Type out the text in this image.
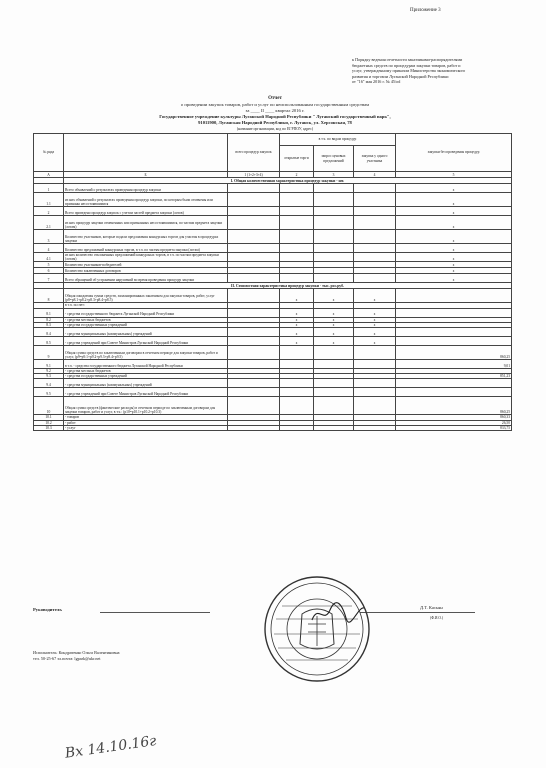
Приложение 3
к Порядку ведения отчетности заказчиками-распорядителями
бюджетных средств по процедурам закупки товаров, работ и
услуг, утвержденному приказом Министерства экономического
развития и торговли Луганской Народной Республики
от "16" мая 2016 г. № 45/od
Отчет
о проведении закупок товаров, работ и услуг по неиспользованным государственным средствам
за ____ II ____ квартал 2016 г.
Государственное учреждение культуры Луганской Народной Республики " Луганский государственный парк",
91011900, Луганская Народной Республики, г. Луганск, ул. Херсонская, 78
(название организации, код по ЕГРПОУ, адрес)
№ ряда		всего процедур закупок	в т.ч. по видам процедур			закупки без проведения процедур
			открытые торги	запрос ценовых предложений	закупка у одного участника	
А	Б	1 (1+2+3+4)	2	3	4	5
	I. Общая количественная характеристика процедур закупки - шт.					
1	Всего объявлений о результатах проведения процедур закупки					x
1.1	из них объявлений о результатах проведения процедур закупки, по которым были отменены или признаны несостоявшимися					x
2	Всего проведено процедур закупок с учетом частей предмета закупки (лотов)					x
2.1	из них процедур закупки отмененных или признанных несостоявшимися, по частям предмета закупки (лотам)					x
3	Количество участников, которые подали предложения конкурсных торгов для участия в процедурах закупки					x
4	Количество предложений конкурсных торгов, в т.ч. по частям предмета закупки (лотам)					x
4.1	из них количество отклоненных предложений конкурсных торгов, в т.ч. по частям предмета закупки (лотам)					x
5	Количество участников-победителей					x
6	Количество заключенных договоров					x
7	Всего обращений об устранении нарушений во время проведения процедур закупки					x
	II. Стоимостная характеристика процедур закупки - тыс. рос.руб.					
8	Общая ожидаемая сумма средств, запланированных заказчиком для закупки товаров, работ, услуг (р8=р8.1+р8.2+р8.3+р8.4+р8.5)		x	x	x	
	в т.ч. за счет:					
8.1	- средства государственного бюджета Луганской Народной Республики		x	x	x	
8.2	- средства местных бюджетов		x	x	x	
8.3	- средства государственных учреждений		x	x	x	
8.4	- средства муниципальных (коммунальных) учреждений		x	x	x	
8.5	- средства учреждений при Совете Министров Луганской Народной Республики		x	x	x	
9	Общая сумма средств по заключенным договорам в отчетном периоде для закупки товаров, работ и услуг, (р9=р9.1+р9.2+р9.3+р9.4+р9.5)					860,25
9.1	в т.ч. - средства государственного бюджета Луганской Народной Республики					9,01
9.2	- средства местных бюджетов					
9.3	- средства государственных учреждений					851,23
9.4	- средства муниципальных (коммунальных) учреждений					
9.5	- средства учреждений при Совете Министров Луганской Народной Республики					
10	Общая сумма средств (фактические расходы) в отчетном периоде по заключенным договорам для закупки товаров, работ и услуг, в т.ч.: (р10=р10.1+р10.2+р10.3)					860,25
10.1	- товаров					860,33
10.2	- работ					26,50
10.3	- услуг					833,75
Руководитель	Д.Т. Касьян
(Ф.И.О.)
Исполнитель: Кондратенко Ольга Валентиновна
тел. 50-25-67 эл.почта: lgpark@ukr.net
Вх 14.10.16г
